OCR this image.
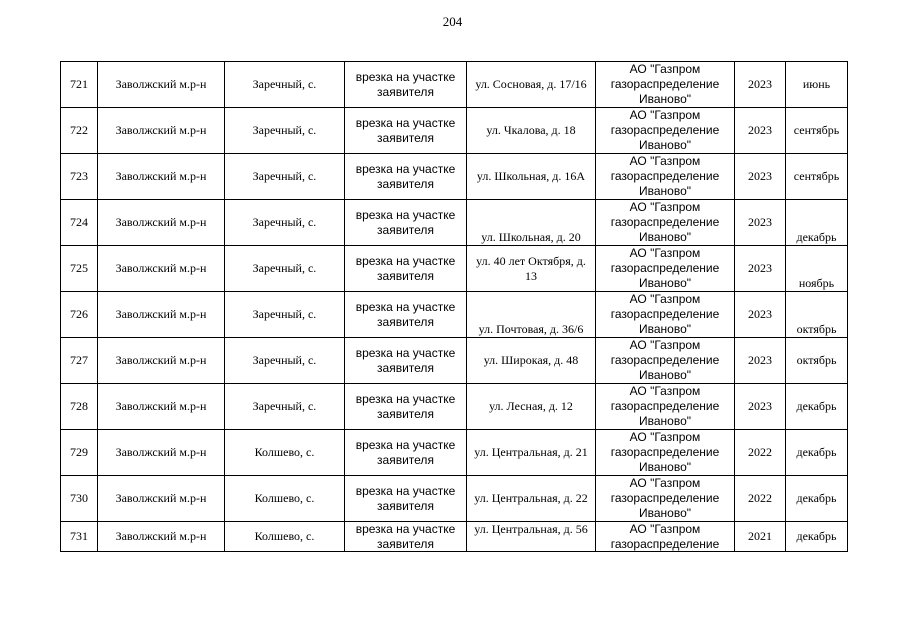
204
721	Заволжский м.р-н	Заречный, с.	врезка на участке заявителя	ул. Сосновая, д. 17/16	АО "Газпром газораспределение Иваново"	2023	июнь
722	Заволжский м.р-н	Заречный, с.	врезка на участке заявителя	ул. Чкалова, д. 18	АО "Газпром газораспределение Иваново"	2023	сентябрь
723	Заволжский м.р-н	Заречный, с.	врезка на участке заявителя	ул. Школьная, д. 16А	АО "Газпром газораспределение Иваново"	2023	сентябрь
724	Заволжский м.р-н	Заречный, с.	врезка на участке заявителя	ул. Школьная, д. 20	АО "Газпром газораспределение Иваново"	2023	декабрь
725	Заволжский м.р-н	Заречный, с.	врезка на участке заявителя	ул. 40 лет Октября, д. 13	АО "Газпром газораспределение Иваново"	2023	ноябрь
726	Заволжский м.р-н	Заречный, с.	врезка на участке заявителя	ул. Почтовая, д. 36/6	АО "Газпром газораспределение Иваново"	2023	октябрь
727	Заволжский м.р-н	Заречный, с.	врезка на участке заявителя	ул. Широкая, д. 48	АО "Газпром газораспределение Иваново"	2023	октябрь
728	Заволжский м.р-н	Заречный, с.	врезка на участке заявителя	ул. Лесная, д. 12	АО "Газпром газораспределение Иваново"	2023	декабрь
729	Заволжский м.р-н	Колшево, с.	врезка на участке заявителя	ул. Центральная, д. 21	АО "Газпром газораспределение Иваново"	2022	декабрь
730	Заволжский м.р-н	Колшево, с.	врезка на участке заявителя	ул. Центральная, д. 22	АО "Газпром газораспределение Иваново"	2022	декабрь
731	Заволжский м.р-н	Колшево, с.	врезка на участке заявителя	ул. Центральная, д. 56	АО "Газпром газораспределение	2021	декабрь
